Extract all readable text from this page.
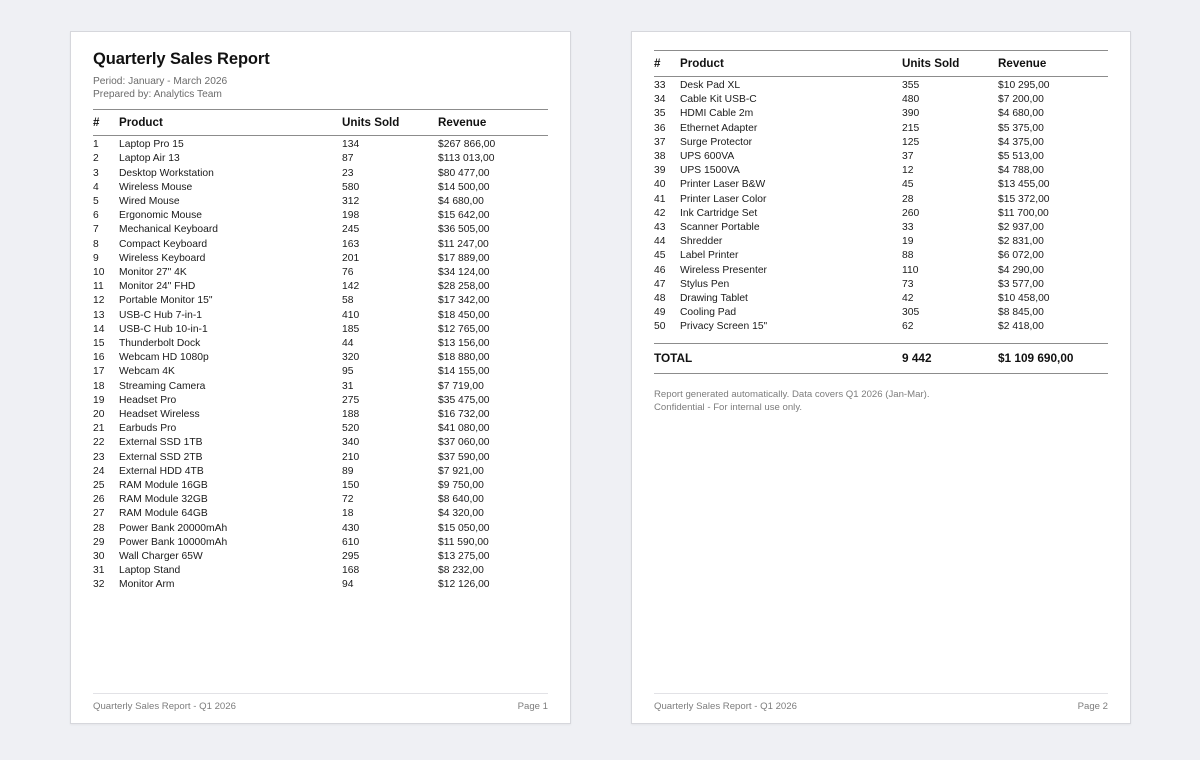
Quarterly Sales Report
Period: January - March 2026
Prepared by: Analytics Team
#	Product	Units Sold	Revenue
1	Laptop Pro 15	134	$267 866,00
2	Laptop Air 13	87	$113 013,00
3	Desktop Workstation	23	$80 477,00
4	Wireless Mouse	580	$14 500,00
5	Wired Mouse	312	$4 680,00
6	Ergonomic Mouse	198	$15 642,00
7	Mechanical Keyboard	245	$36 505,00
8	Compact Keyboard	163	$11 247,00
9	Wireless Keyboard	201	$17 889,00
10	Monitor 27" 4K	76	$34 124,00
11	Monitor 24" FHD	142	$28 258,00
12	Portable Monitor 15"	58	$17 342,00
13	USB-C Hub 7-in-1	410	$18 450,00
14	USB-C Hub 10-in-1	185	$12 765,00
15	Thunderbolt Dock	44	$13 156,00
16	Webcam HD 1080p	320	$18 880,00
17	Webcam 4K	95	$14 155,00
18	Streaming Camera	31	$7 719,00
19	Headset Pro	275	$35 475,00
20	Headset Wireless	188	$16 732,00
21	Earbuds Pro	520	$41 080,00
22	External SSD 1TB	340	$37 060,00
23	External SSD 2TB	210	$37 590,00
24	External HDD 4TB	89	$7 921,00
25	RAM Module 16GB	150	$9 750,00
26	RAM Module 32GB	72	$8 640,00
27	RAM Module 64GB	18	$4 320,00
28	Power Bank 20000mAh	430	$15 050,00
29	Power Bank 10000mAh	610	$11 590,00
30	Wall Charger 65W	295	$13 275,00
31	Laptop Stand	168	$8 232,00
32	Monitor Arm	94	$12 126,00
Quarterly Sales Report - Q1 2026	Page 1
#	Product	Units Sold	Revenue
33	Desk Pad XL	355	$10 295,00
34	Cable Kit USB-C	480	$7 200,00
35	HDMI Cable 2m	390	$4 680,00
36	Ethernet Adapter	215	$5 375,00
37	Surge Protector	125	$4 375,00
38	UPS 600VA	37	$5 513,00
39	UPS 1500VA	12	$4 788,00
40	Printer Laser B&W	45	$13 455,00
41	Printer Laser Color	28	$15 372,00
42	Ink Cartridge Set	260	$11 700,00
43	Scanner Portable	33	$2 937,00
44	Shredder	19	$2 831,00
45	Label Printer	88	$6 072,00
46	Wireless Presenter	110	$4 290,00
47	Stylus Pen	73	$3 577,00
48	Drawing Tablet	42	$10 458,00
49	Cooling Pad	305	$8 845,00
50	Privacy Screen 15"	62	$2 418,00
TOTAL	9 442	$1 109 690,00
Report generated automatically. Data covers Q1 2026 (Jan-Mar).
Confidential - For internal use only.
Quarterly Sales Report - Q1 2026	Page 2
